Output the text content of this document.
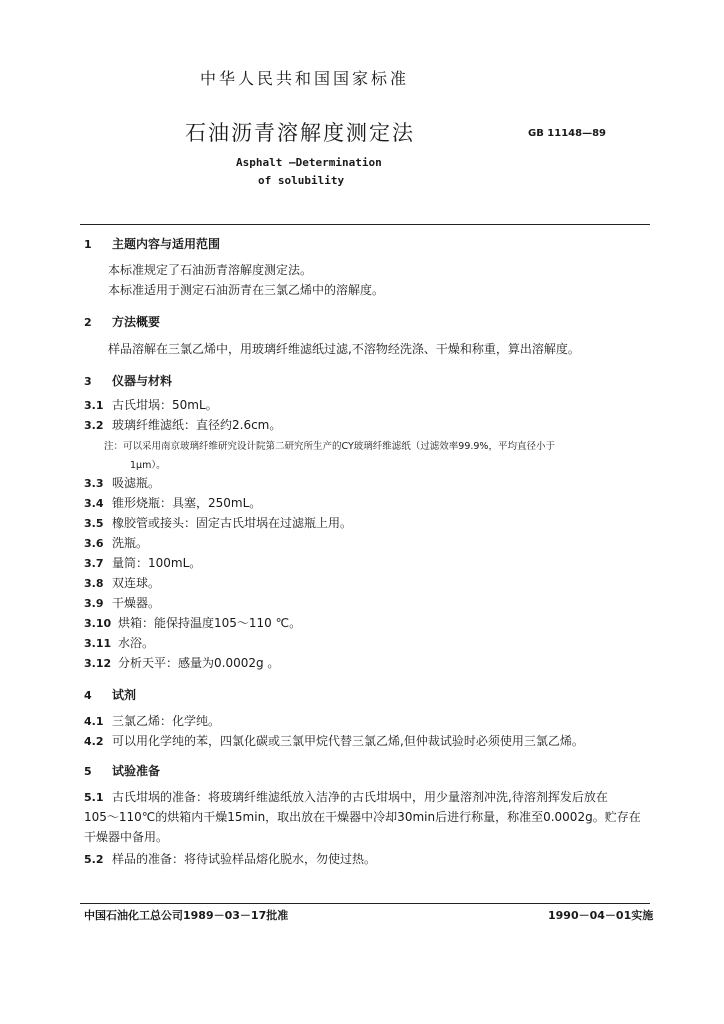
中华人民共和国国家标准
石油沥青溶解度测定法	GB 11148—89
Asphalt —Determination
of solubility
1 主题内容与适用范围
本标准规定了石油沥青溶解度测定法。
本标准适用于测定石油沥青在三氯乙烯中的溶解度。
2 方法概要
样品溶解在三氯乙烯中，用玻璃纤维滤纸过滤,不溶物经洗涤、干燥和称重，算出溶解度。
3 仪器与材料
3.1 古氏坩埚：50mL。
3.2 玻璃纤维滤纸：直径约2.6cm。
注：可以采用南京玻璃纤维研究设计院第二研究所生产的CY玻璃纤维滤纸（过滤效率99.9%，平均直径小于
1μm）。
3.3 吸滤瓶。
3.4 锥形烧瓶：具塞，250mL。
3.5 橡胶管或接头：固定古氏坩埚在过滤瓶上用。
3.6 洗瓶。
3.7 量筒：100mL。
3.8 双连球。
3.9 干燥器。
3.10 烘箱：能保持温度105～110 ℃。
3.11 水浴。
3.12 分析天平：感量为0.0002g 。
4 试剂
4.1 三氯乙烯：化学纯。
4.2 可以用化学纯的苯，四氯化碳或三氯甲烷代替三氯乙烯,但仲裁试验时必须使用三氯乙烯。
5 试验准备
5.1 古氏坩埚的准备：将玻璃纤维滤纸放入洁净的古氏坩埚中，用少量溶剂冲洗,待溶剂挥发后放在
105～110℃的烘箱内干燥15min，取出放在干燥器中冷却30min后进行称量，称准至0.0002g。贮存在
干燥器中备用。
5.2 样品的准备：将待试验样品熔化脱水，勿使过热。
中国石油化工总公司1989－03－17批准	1990－04－01实施
